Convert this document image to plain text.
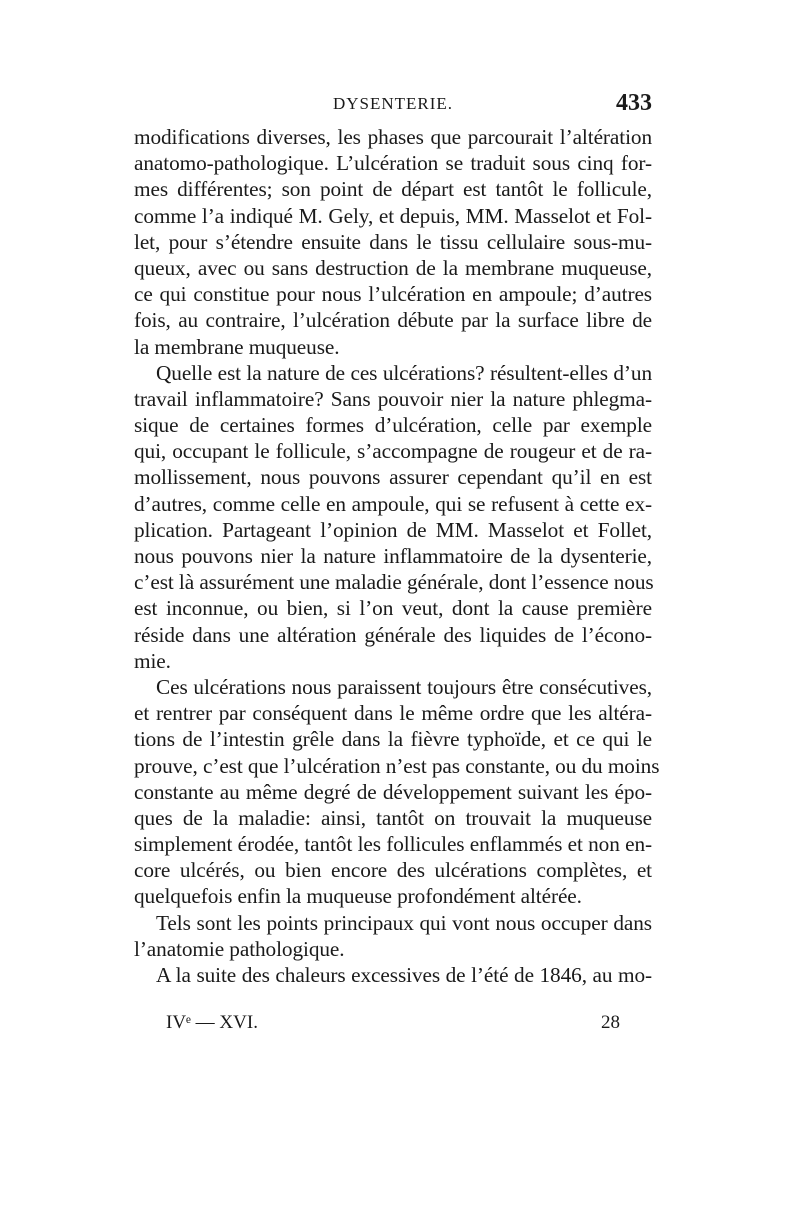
DYSENTERIE.	433
modifications diverses, les phases que parcourait l’altération
anatomo-pathologique. L’ulcération se traduit sous cinq for-
mes différentes; son point de départ est tantôt le follicule,
comme l’a indiqué M. Gely, et depuis, MM. Masselot et Fol-
let, pour s’étendre ensuite dans le tissu cellulaire sous-mu-
queux, avec ou sans destruction de la membrane muqueuse,
ce qui constitue pour nous l’ulcération en ampoule; d’autres
fois, au contraire, l’ulcération débute par la surface libre de
la membrane muqueuse.
Quelle est la nature de ces ulcérations? résultent-elles d’un
travail inflammatoire? Sans pouvoir nier la nature phlegma-
sique de certaines formes d’ulcération, celle par exemple
qui, occupant le follicule, s’accompagne de rougeur et de ra-
mollissement, nous pouvons assurer cependant qu’il en est
d’autres, comme celle en ampoule, qui se refusent à cette ex-
plication. Partageant l’opinion de MM. Masselot et Follet,
nous pouvons nier la nature inflammatoire de la dysenterie,
c’est là assurément une maladie générale, dont l’essence nous
est inconnue, ou bien, si l’on veut, dont la cause première
réside dans une altération générale des liquides de l’écono-
mie.
Ces ulcérations nous paraissent toujours être consécutives,
et rentrer par conséquent dans le même ordre que les altéra-
tions de l’intestin grêle dans la fièvre typhoïde, et ce qui le
prouve, c’est que l’ulcération n’est pas constante, ou du moins
constante au même degré de développement suivant les épo-
ques de la maladie: ainsi, tantôt on trouvait la muqueuse
simplement érodée, tantôt les follicules enflammés et non en-
core ulcérés, ou bien encore des ulcérations complètes, et
quelquefois enfin la muqueuse profondément altérée.
Tels sont les points principaux qui vont nous occuper dans
l’anatomie pathologique.
A la suite des chaleurs excessives de l’été de 1846, au mo-
IVᵉ — XVI.	28
